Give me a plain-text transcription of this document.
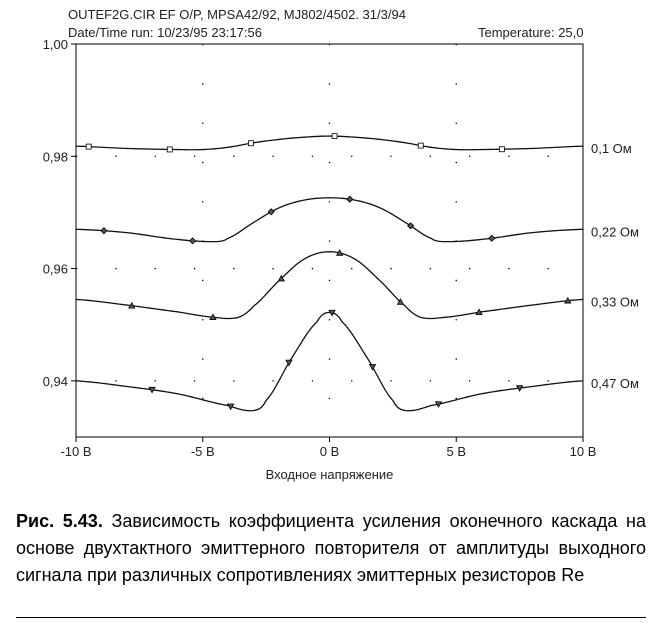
OUTEF2G.CIR EF O/P, MPSA42/92, MJ802/4502. 31/3/94
Date/Time run: 10/23/95 23:17:56	Temperature: 25,0
-10 В	-5 В	0 В	5 В	10 В
1,00
0,98
0,96
0,94
Входное напряжение
0,1 Ом
0,22 Ом
0,33 Ом
0,47 Ом
Рис. 5.43. Зависимость коэффициента усиления оконечного каскада на основе двухтактного эмиттерного повторителя от амплитуды выходного сигнала при различных сопротивлениях эмиттерных резисторов Re
